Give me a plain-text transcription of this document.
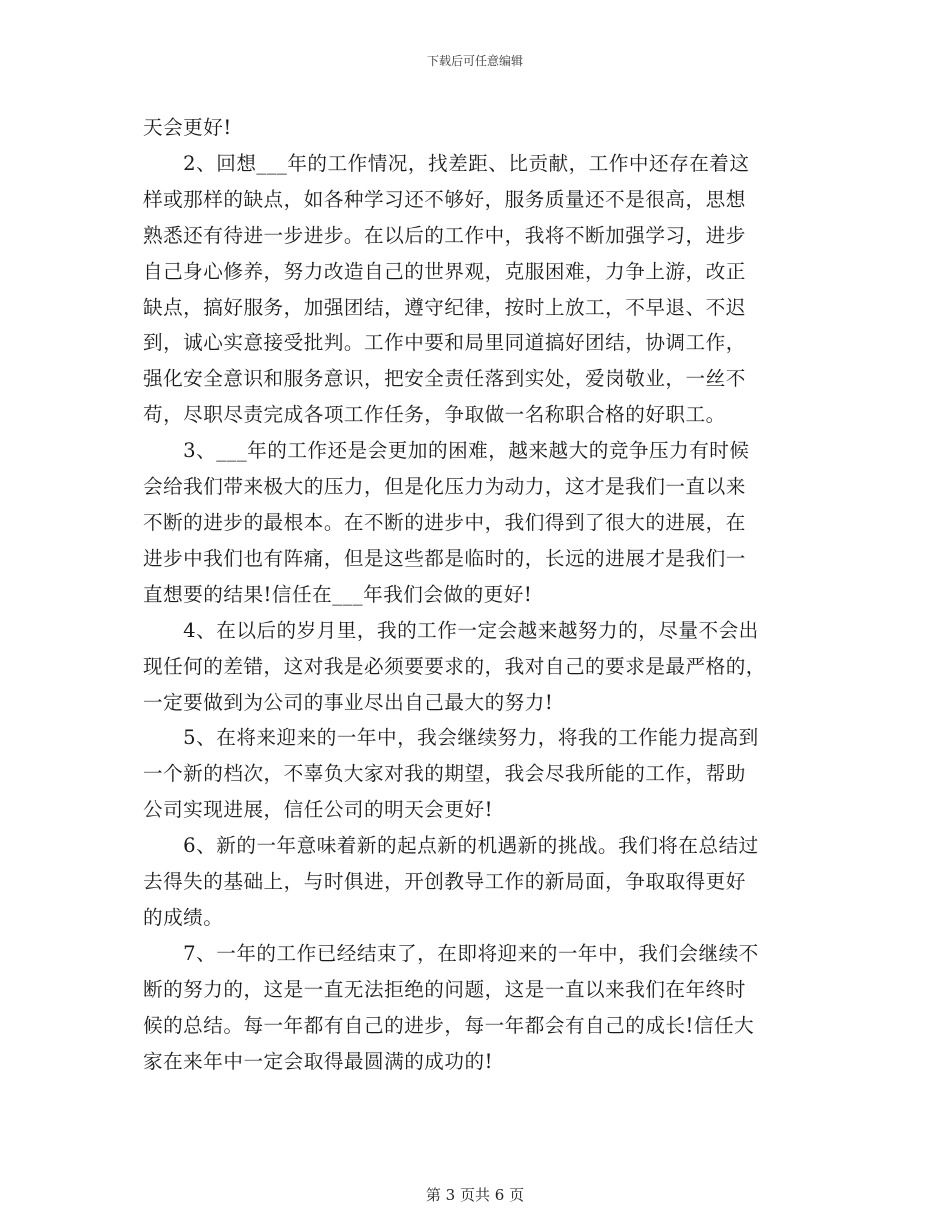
下载后可任意编辑
天会更好!
　　2、回想___年的工作情况，找差距、比贡献，工作中还存在着这
样或那样的缺点，如各种学习还不够好，服务质量还不是很高，思想
熟悉还有待进一步进步。在以后的工作中，我将不断加强学习，进步
自己身心修养，努力改造自己的世界观，克服困难，力争上游，改正
缺点，搞好服务，加强团结，遵守纪律，按时上放工，不早退、不迟
到，诚心实意接受批判。工作中要和局里同道搞好团结，协调工作，
强化安全意识和服务意识，把安全责任落到实处，爱岗敬业，一丝不
苟，尽职尽责完成各项工作任务，争取做一名称职合格的好职工。
　　3、___年的工作还是会更加的困难，越来越大的竞争压力有时候
会给我们带来极大的压力，但是化压力为动力，这才是我们一直以来
不断的进步的最根本。在不断的进步中，我们得到了很大的进展，在
进步中我们也有阵痛，但是这些都是临时的，长远的进展才是我们一
直想要的结果!信任在___年我们会做的更好!
　　4、在以后的岁月里，我的工作一定会越来越努力的，尽量不会出
现任何的差错，这对我是必须要要求的，我对自己的要求是最严格的，
一定要做到为公司的事业尽出自己最大的努力!
　　5、在将来迎来的一年中，我会继续努力，将我的工作能力提高到
一个新的档次，不辜负大家对我的期望，我会尽我所能的工作，帮助
公司实现进展，信任公司的明天会更好!
　　6、新的一年意味着新的起点新的机遇新的挑战。我们将在总结过
去得失的基础上，与时俱进，开创教导工作的新局面，争取取得更好
的成绩。
　　7、一年的工作已经结束了，在即将迎来的一年中，我们会继续不
断的努力的，这是一直无法拒绝的问题，这是一直以来我们在年终时
候的总结。每一年都有自己的进步，每一年都会有自己的成长!信任大
家在来年中一定会取得最圆满的成功的!
第 3 页共 6 页
